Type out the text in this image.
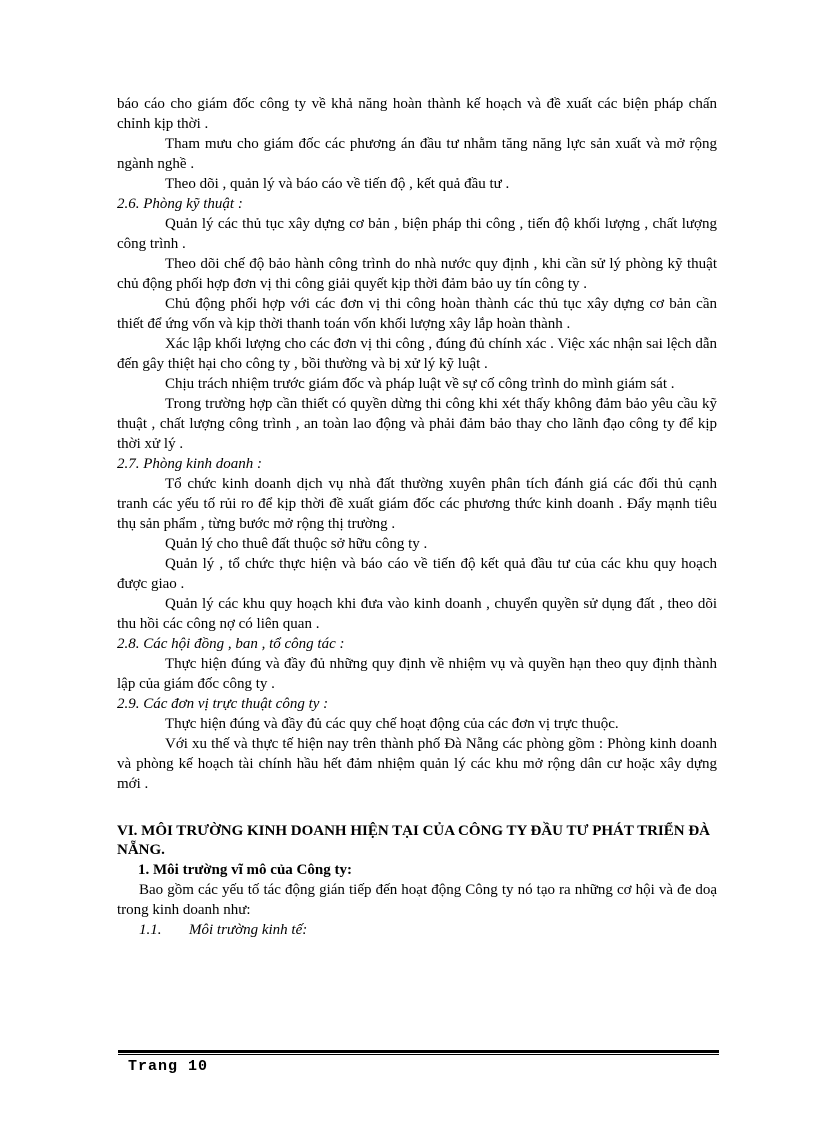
báo cáo cho giám đốc công ty về khả năng hoàn thành kế hoạch và đề xuất các biện pháp chấn chỉnh kịp thời .

Tham mưu cho giám đốc các phương án đầu tư nhằm tăng năng lực sản xuất và mở rộng ngành nghề .

Theo dõi , quản lý và báo cáo về tiến độ , kết quả đầu tư .

2.6. Phòng kỹ thuật :

Quản lý các thủ tục xây dựng cơ bản , biện pháp thi công , tiến độ khối lượng , chất lượng công trình .

Theo dõi chế độ bảo hành công trình do nhà nước quy định , khi cần sử lý phòng kỹ thuật chủ động phối hợp đơn vị thi công giải quyết kịp thời đảm bảo uy tín công ty .

Chủ động phối hợp với các đơn vị thi công hoàn thành các thủ tục xây dựng cơ bản cần thiết để ứng vốn và kịp thời thanh toán vốn khối lượng xây lắp hoàn thành .

Xác lập khối lượng cho các đơn vị thi công , đúng đủ chính xác . Việc xác nhận sai lệch dẫn đến gây thiệt hại cho công ty , bồi thường và bị xử lý kỹ luật .

Chịu trách nhiệm trước giám đốc và pháp luật về sự cố công trình do mình giám sát .

Trong trường hợp cần thiết có quyền dừng thi công khi xét thấy không đảm bảo yêu cầu kỹ thuật , chất lượng công trình , an toàn lao động và phải đảm bảo thay cho lãnh đạo công ty để kịp thời xử lý .

2.7. Phòng kinh doanh :

Tổ chức kinh doanh dịch vụ nhà đất thường xuyên phân tích đánh giá các đối thủ cạnh tranh các yếu tố rủi ro để kịp thời đề xuất giám đốc các phương thức kinh doanh . Đẩy mạnh tiêu thụ sản phẩm , từng bước mở rộng thị trường .

Quản lý cho thuê đất thuộc sở hữu công ty .

Quản lý , tổ chức thực hiện và báo cáo về tiến độ kết quả đầu tư của các khu quy hoạch được giao .

Quản lý các khu quy hoạch khi đưa vào kinh doanh , chuyển quyền sử dụng đất , theo dõi thu hồi các công nợ có liên quan .

2.8. Các hội đồng , ban , tổ công tác :

Thực hiện đúng và đầy đủ những quy định về nhiệm vụ và quyền hạn theo quy định thành lập của giám đốc công ty .

2.9. Các đơn vị trực thuật công ty :

Thực hiện đúng và đầy đủ các quy chế hoạt động của các đơn vị trực thuộc.

Với xu thế và thực tế hiện nay trên thành phố Đà Nẵng các phòng gồm : Phòng kinh doanh và phòng kế hoạch tài chính hầu hết đảm nhiệm quản lý các khu mở rộng dân cư hoặc xây dựng mới .

VI. MÔI TRƯỜNG KINH DOANH HIỆN TẠI CỦA CÔNG TY ĐẦU TƯ PHÁT TRIỂN ĐÀ NẴNG.

1. Môi trường vĩ mô của Công ty:

Bao gồm các yếu tố tác động gián tiếp đến hoạt động Công ty nó tạo ra những cơ hội và đe doạ trong kinh doanh như:

1.1. Môi trường kinh tế:

Trang 10
